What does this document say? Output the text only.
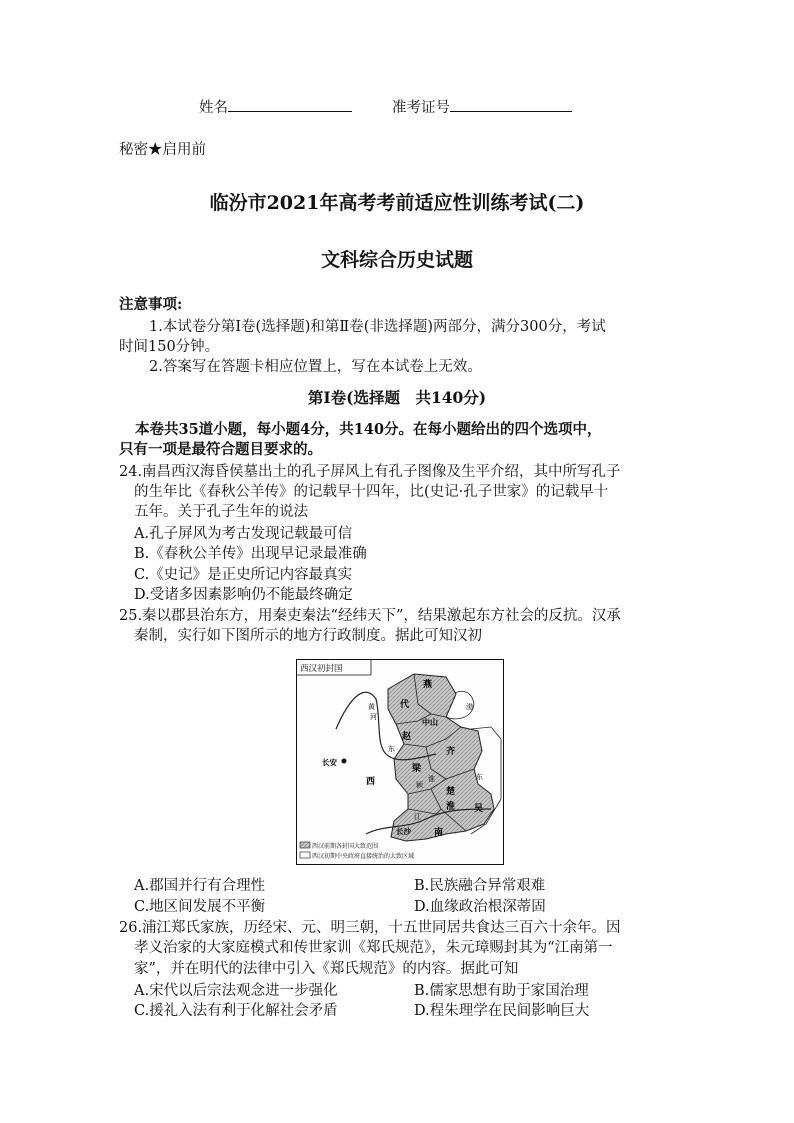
姓名	准考证号
秘密★启用前
临汾市2021年高考考前适应性训练考试(二)
文科综合历史试题
注意事项:
1.本试卷分第Ⅰ卷(选择题)和第Ⅱ卷(非选择题)两部分，满分300分，考试
时间150分钟。
2.答案写在答题卡相应位置上，写在本试卷上无效。
第Ⅰ卷(选择题　共140分)
本卷共35道小题，每小题4分，共140分。在每小题给出的四个选项中，
只有一项是最符合题目要求的。
24.南昌西汉海昏侯墓出土的孔子屏风上有孔子图像及生平介绍，其中所写孔子
的生年比《春秋公羊传》的记载早十四年，比(史记·孔子世家》的记载早十
五年。关于孔子生年的说法
A.孔子屏风为考古发现记载最可信
B.《春秋公羊传》出现早记录最准确
C.《史记》是正史所记内容最真实
D.受诸多因素影响仍不能最终确定
25.秦以郡县治东方，用秦吏秦法“经纬天下”，结果激起东方社会的反抗。汉承
秦制，实行如下图所示的地方行政制度。据此可知汉初
西汉前期各封国大致范围
西汉初期中央政府直接统治的大致区域
西汉初封国
燕
代
赵
中山
齐
梁
楚
淮 吴
南
长安
西
长沙
黄
河
东
东
渤
淮
颍
江
A.郡国并行有合理性	B.民族融合异常艰难
C.地区间发展不平衡	D.血缘政治根深蒂固
26.浦江郑氏家族，历经宋、元、明三朝，十五世同居共食达三百六十余年。因
孝义治家的大家庭模式和传世家训《郑氏规范》，朱元璋赐封其为“江南第一
家”，并在明代的法律中引入《郑氏规范》的内容。据此可知
A.宋代以后宗法观念进一步强化	B.儒家思想有助于家国治理
C.援礼入法有利于化解社会矛盾	D.程朱理学在民间影响巨大
